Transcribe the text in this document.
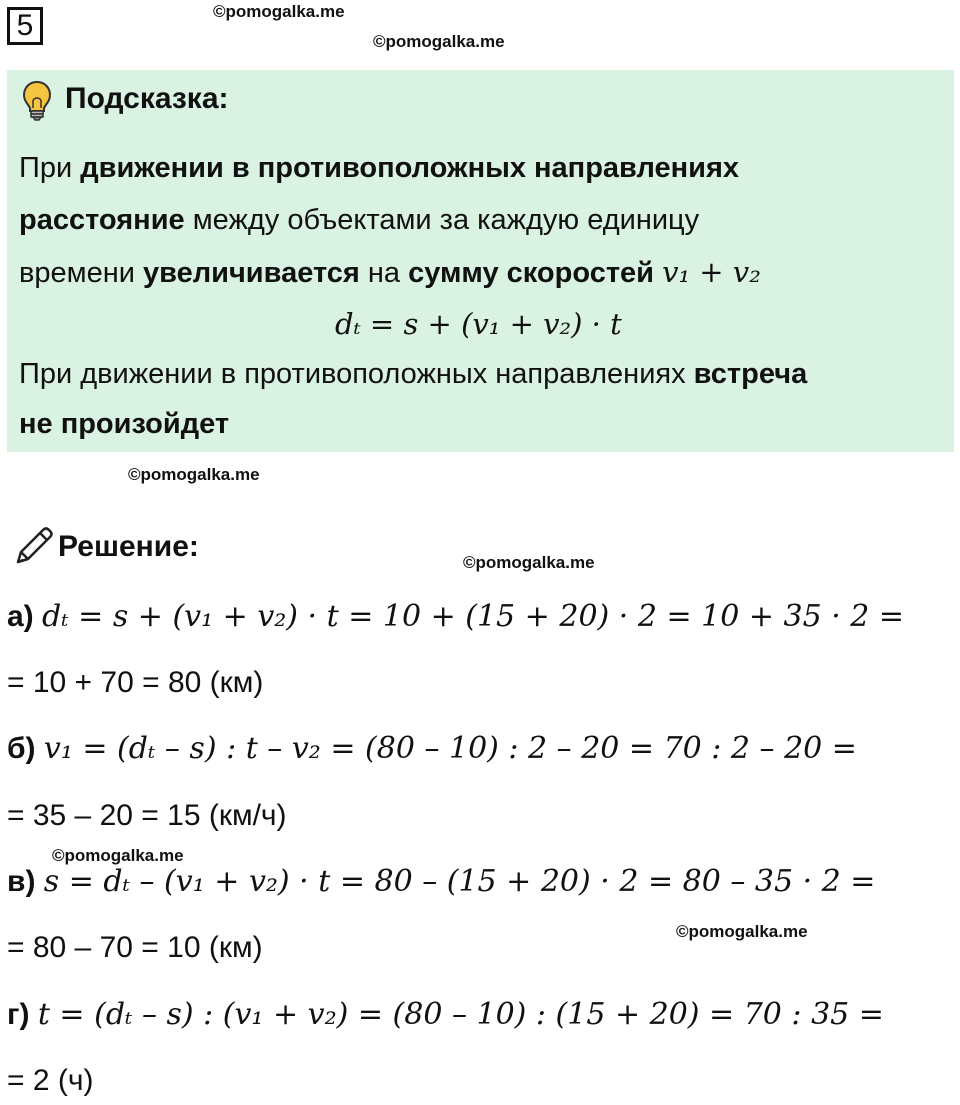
5	©pomogalka.me
©pomogalka.me
©pomogalka.me
©pomogalka.me
©pomogalka.me
©pomogalka.me
Подсказка:
При движении в противоположных направлениях
расстояние между объектами за каждую единицу
времени увеличивается на сумму скоростей v₁ + v₂
dₜ = s + (v₁ + v₂) · t
При движении в противоположных направлениях встреча
не произойдет
Решение:
а) dₜ = s + (v₁ + v₂) · t = 10 + (15 + 20) · 2 = 10 + 35 · 2 =
= 10 + 70 = 80 (км)
б) v₁ = (dₜ – s) : t – v₂ = (80 – 10) : 2 – 20 = 70 : 2 – 20 =
= 35 – 20 = 15 (км/ч)
в) s = dₜ – (v₁ + v₂) · t = 80 – (15 + 20) · 2 = 80 – 35 · 2 =
= 80 – 70 = 10 (км)
г) t = (dₜ – s) : (v₁ + v₂) = (80 – 10) : (15 + 20) = 70 : 35 =
= 2 (ч)
